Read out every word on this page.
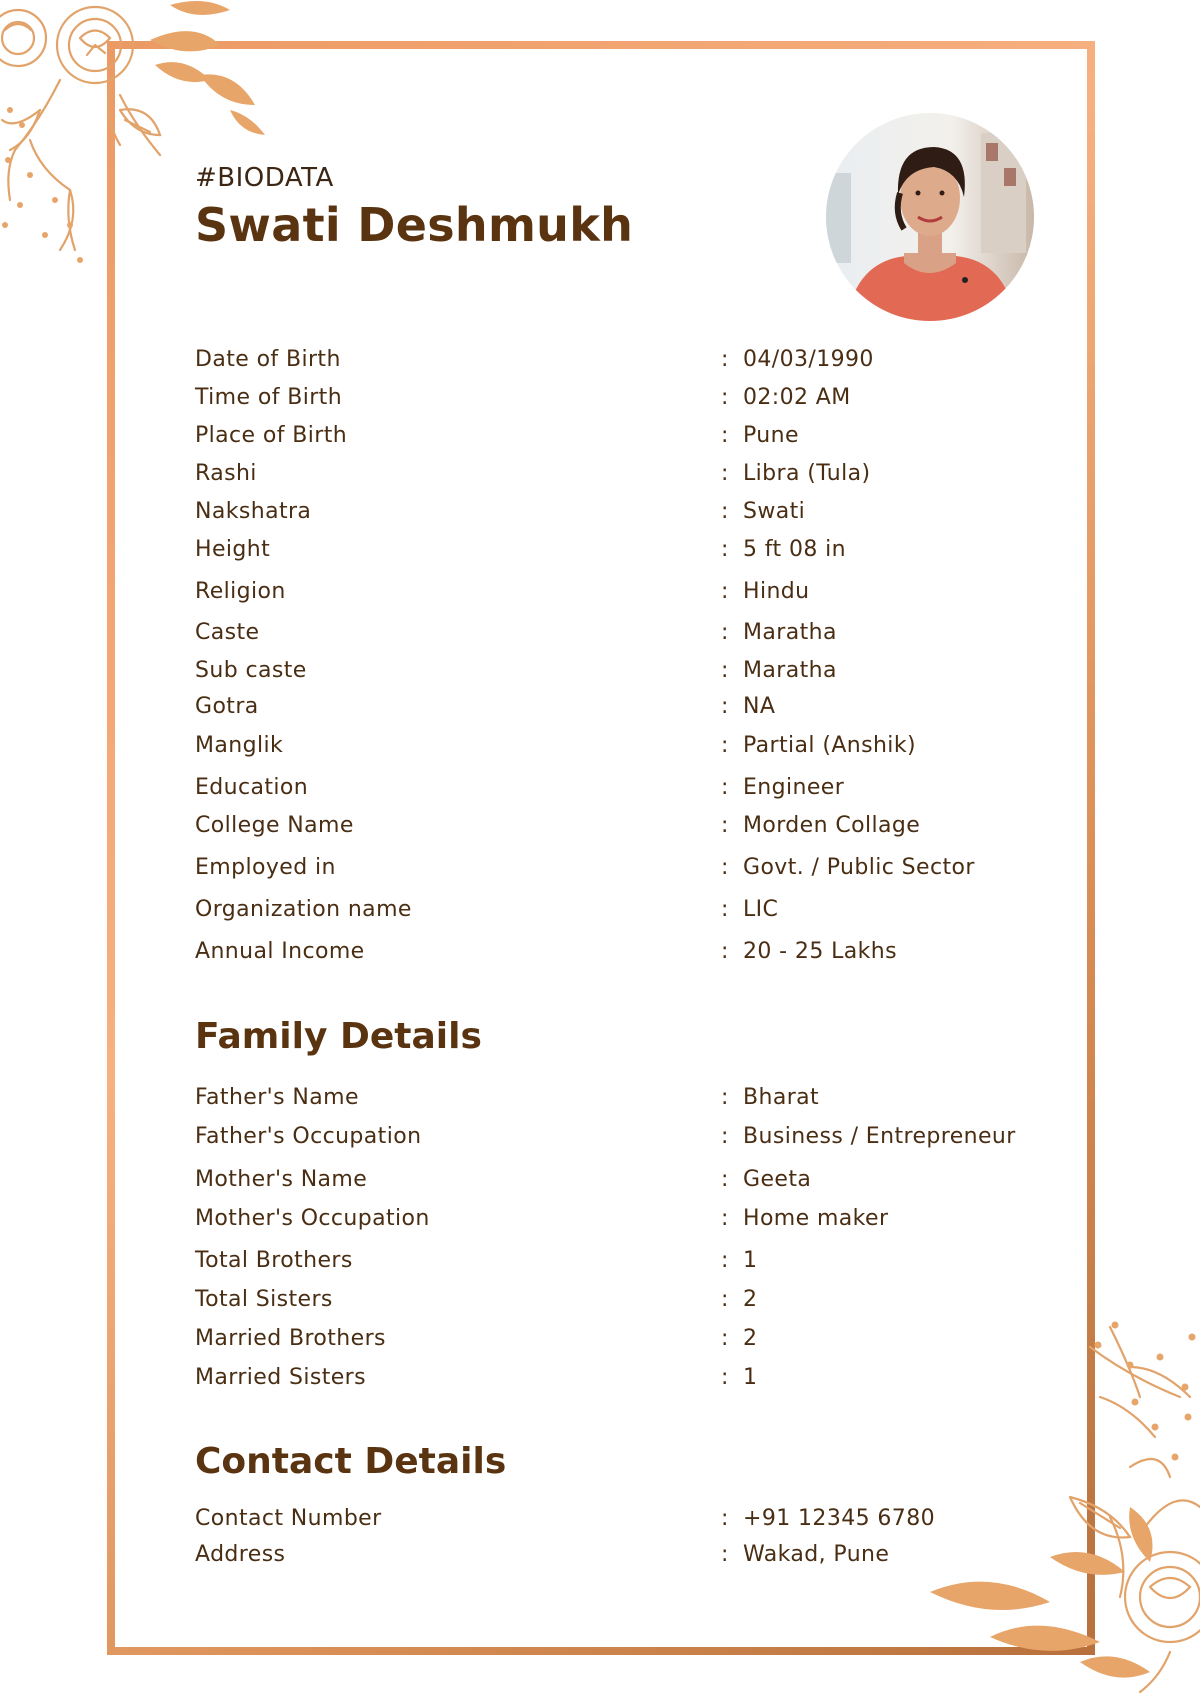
#BIODATA
Swati Deshmukh
Date of Birth	: 04/03/1990
Time of Birth	: 02:02 AM
Place of Birth	: Pune
Rashi	: Libra (Tula)
Nakshatra	: Swati
Height	: 5 ft 08 in
Religion	: Hindu
Caste	: Maratha
Sub caste	: Maratha
Gotra	: NA
Manglik	: Partial (Anshik)
Education	: Engineer
College Name	: Morden Collage
Employed in	: Govt. / Public Sector
Organization name	: LIC
Annual Income	: 20 - 25 Lakhs
Family Details
Father's Name	: Bharat
Father's Occupation	: Business / Entrepreneur
Mother's Name	: Geeta
Mother's Occupation	: Home maker
Total Brothers	: 1
Total Sisters	: 2
Married Brothers	: 2
Married Sisters	: 1
Contact Details
Contact Number	: +91 12345 6780
Address	: Wakad, Pune
